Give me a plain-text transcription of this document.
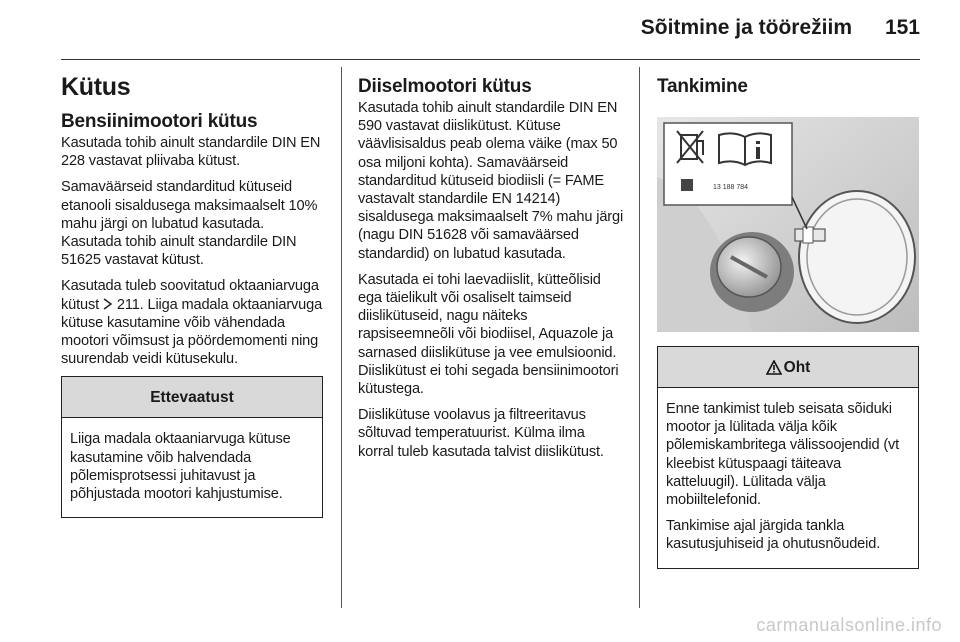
Sõitmine ja töörežiim 151
Kütus
Bensiinimootori kütus

Kasutada tohib ainult standardile DIN EN 228 vastavat pliivaba kütust.

Samaväärseid standarditud kütuseid etanooli sisaldusega maksimaalselt 10% mahu järgi on lubatud kasutada. Kasutada tohib ainult standardile DIN 51625 vastavat kütust.

Kasutada tuleb soovitatud oktaaniarvuga kütust 211. Liiga madala oktaaniarvuga kütuse kasutamine võib vähendada mootori võimsust ja pöördemomenti ning suurendab veidi kütusekulu.

Ettevaatust

Liiga madala oktaaniarvuga kütuse kasutamine võib halvendada põlemisprotsessi juhitavust ja põhjustada mootori kahjustumise.

Diiselmootori kütus

Kasutada tohib ainult standardile DIN EN 590 vastavat diislikütust. Kütuse väävlisisaldus peab olema väike (max 50 osa miljoni kohta). Samaväärseid standarditud kütuseid biodiisli (= FAME vastavalt standardile EN 14214) sisaldusega maksimaalselt 7% mahu järgi (nagu DIN 51628 või samaväärsed standardid) on lubatud kasutada.

Kasutada ei tohi laevadiislit, kütteõlisid ega täielikult või osaliselt taimseid diislikütuseid, nagu näiteks rapsiseemneõli või biodiisel, Aquazole ja sarnased diislikütuse ja vee emulsioonid. Diislikütust ei tohi segada bensiinimootori kütustega.

Diislikütuse voolavus ja filtreeritavus sõltuvad temperatuurist. Külma ilma korral tuleb kasutada talvist diislikütust.

Tankimine
13 188 784
Oht

Enne tankimist tuleb seisata sõiduki mootor ja lülitada välja kõik põlemiskambritega välissoojendid (vt kleebist kütuspaagi täiteava katteluugil). Lülitada välja mobiiltelefonid.

Tankimise ajal järgida tankla kasutusjuhiseid ja ohutusnõudeid.

carmanualsonline.info
